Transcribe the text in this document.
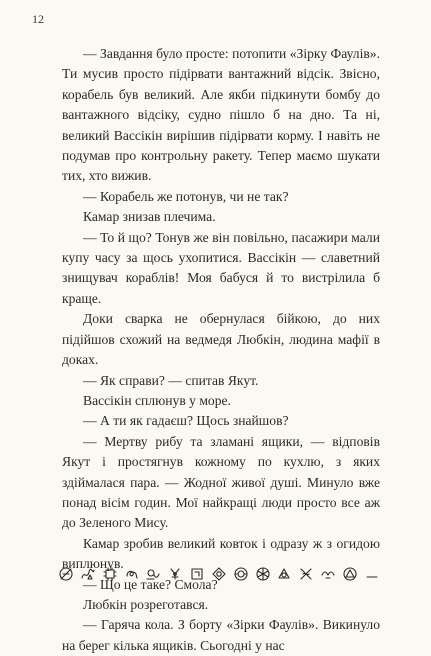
12

— Завдання було просте: потопити «Зірку Фаулів». Ти мусив просто підірвати вантажний відсік. Звісно, корабель був великий. Але якби підкинути бомбу до вантажного відсіку, судно пішло б на дно. Та ні, великий Вассікін вирішив підірвати корму. І навіть не подумав про контрольну ракету. Тепер маємо шукати тих, хто вижив.

— Корабель же потонув, чи не так?

Камар знизав плечима.

— То й що? Тонув же він повільно, пасажири мали купу часу за щось ухопитися. Вассікін — славетний знищувач кораблів! Моя бабуся й то вистрілила б краще.

Доки сварка не обернулася бійкою, до них підійшов схожий на ведмедя Любкін, людина мафії в доках.

— Як справи? — спитав Якут.

Вассікін сплюнув у море.

— А ти як гадаєш? Щось знайшов?

— Мертву рибу та зламані ящики, — відповів Якут і простягнув кожному по кухлю, з яких здіймалася пара. — Жодної живої душі. Минуло вже понад вісім годин. Мої найкращі люди просто все аж до Зеленого Мису.

Камар зробив великий ковток і одразу ж з огидою виплюнув.

— Що це таке? Смола?

Любкін розреготався.

— Гаряча кола. З борту «Зірки Фаулів». Викинуло на берег кілька ящиків. Сьогодні у нас
